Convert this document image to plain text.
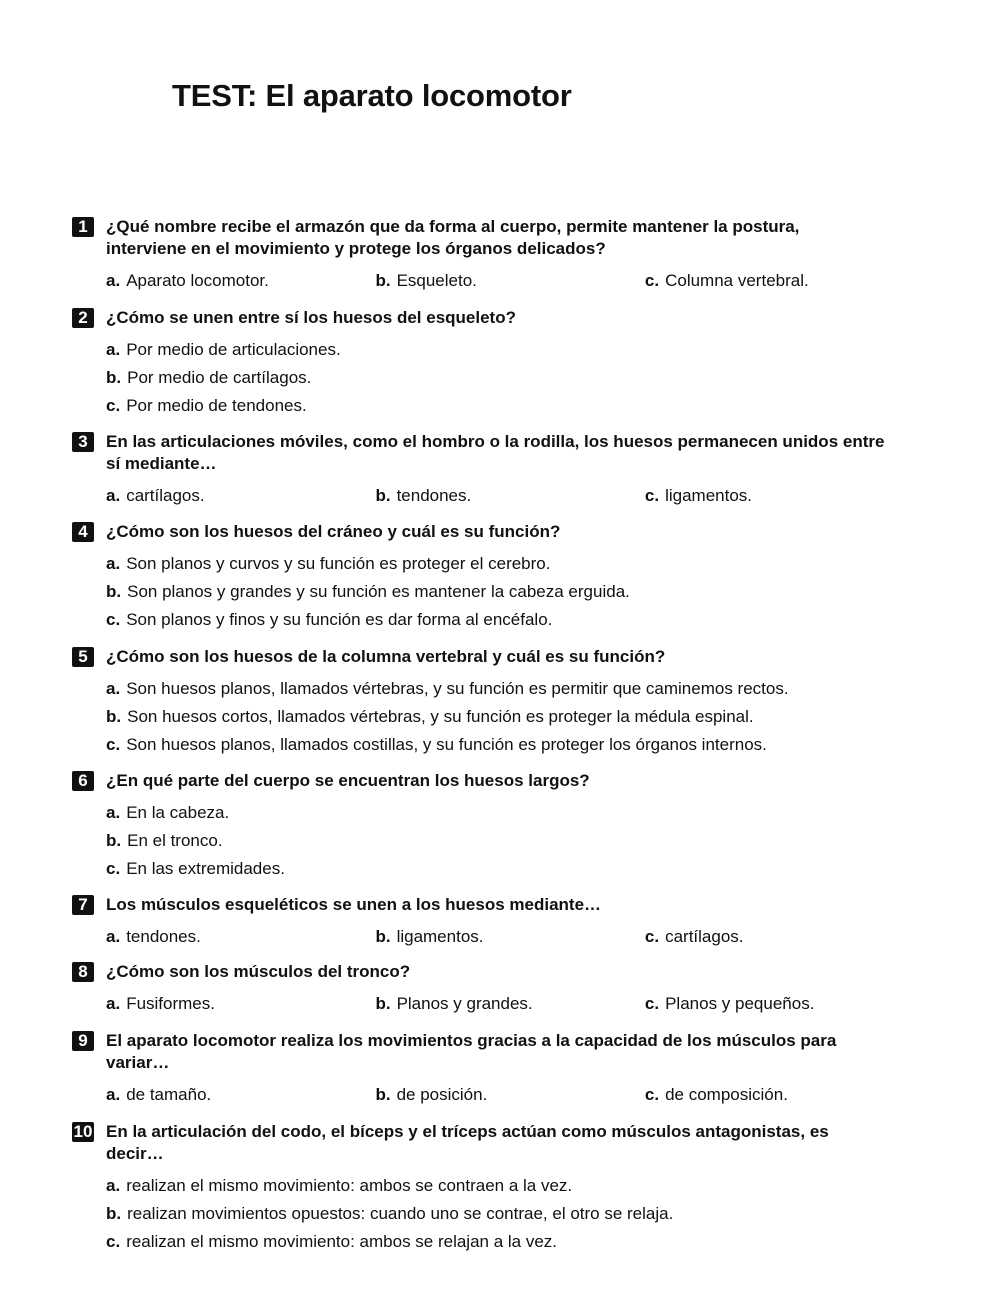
TEST: El aparato locomotor
1	¿Qué nombre recibe el armazón que da forma al cuerpo, permite mantener la postura, interviene en el movimiento y protege los órganos delicados?
a. Aparato locomotor.	b. Esqueleto.	c. Columna vertebral.
2	¿Cómo se unen entre sí los huesos del esqueleto?
a. Por medio de articulaciones.
b. Por medio de cartílagos.
c. Por medio de tendones.
3	En las articulaciones móviles, como el hombro o la rodilla, los huesos permanecen unidos entre sí mediante…
a. cartílagos.	b. tendones.	c. ligamentos.
4	¿Cómo son los huesos del cráneo y cuál es su función?
a. Son planos y curvos y su función es proteger el cerebro.
b. Son planos y grandes y su función es mantener la cabeza erguida.
c. Son planos y finos y su función es dar forma al encéfalo.
5	¿Cómo son los huesos de la columna vertebral y cuál es su función?
a. Son huesos planos, llamados vértebras, y su función es permitir que caminemos rectos.
b. Son huesos cortos, llamados vértebras, y su función es proteger la médula espinal.
c. Son huesos planos, llamados costillas, y su función es proteger los órganos internos.
6	¿En qué parte del cuerpo se encuentran los huesos largos?
a. En la cabeza.
b. En el tronco.
c. En las extremidades.
7	Los músculos esqueléticos se unen a los huesos mediante…
a. tendones.	b. ligamentos.	c. cartílagos.
8	¿Cómo son los músculos del tronco?
a. Fusiformes.	b. Planos y grandes.	c. Planos y pequeños.
9	El aparato locomotor realiza los movimientos gracias a la capacidad de los músculos para variar…
a. de tamaño.	b. de posición.	c. de composición.
10 En la articulación del codo, el bíceps y el tríceps actúan como músculos antagonistas, es decir…
a. realizan el mismo movimiento: ambos se contraen a la vez.
b. realizan movimientos opuestos: cuando uno se contrae, el otro se relaja.
c. realizan el mismo movimiento: ambos se relajan a la vez.
